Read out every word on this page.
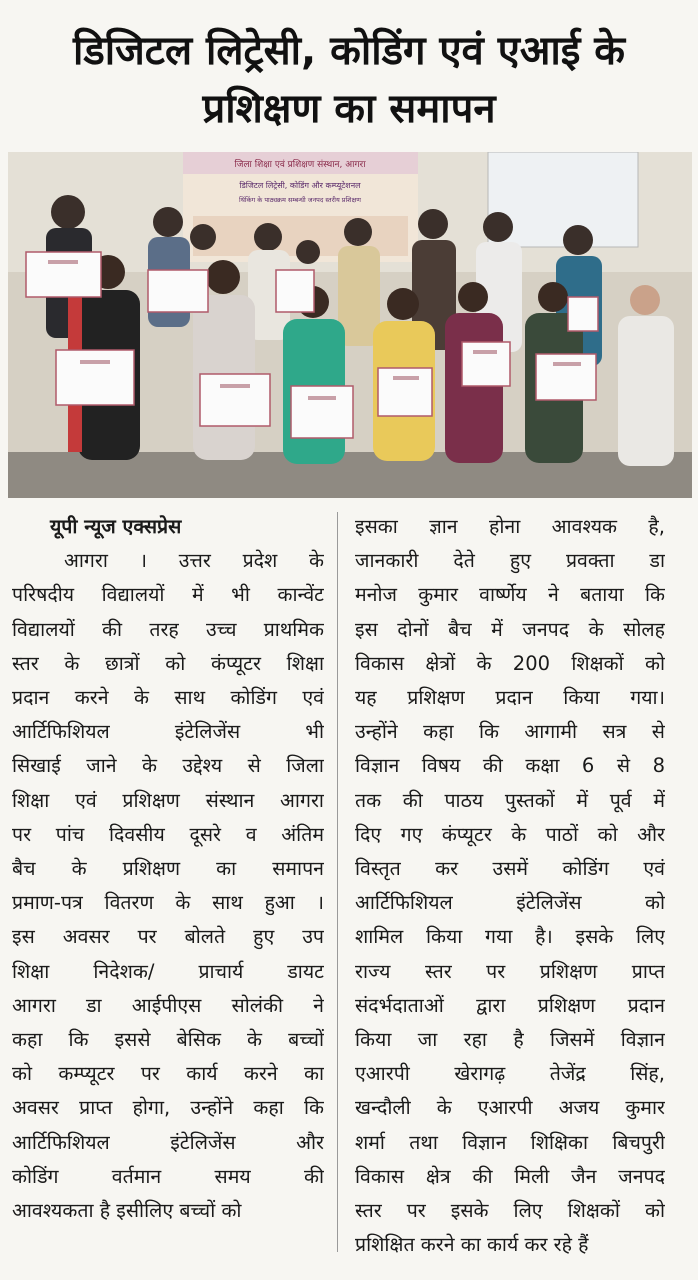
डिजिटल लिट्रेसी, कोडिंग एवं एआई के
प्रशिक्षण का समापन
जिला शिक्षा एवं प्रशिक्षण संस्थान, आगरा
डिजिटल लिट्रेसी, कोडिंग और कम्प्यूटेशनल
थिंकिंग के पाठ्यक्रम सम्बन्धी जनपद स्तरीय प्रशिक्षण
यूपी न्यूज एक्सप्रेस
आगरा । उत्तर प्रदेश के
परिषदीय विद्यालयों में भी कान्वेंट
विद्यालयों की तरह उच्च प्राथमिक
स्तर के छात्रों को कंप्यूटर शिक्षा
प्रदान करने के साथ कोडिंग एवं
आर्टिफिशियल इंटेलिजेंस भी
सिखाई जाने के उद्देश्य से जिला
शिक्षा एवं प्रशिक्षण संस्थान आगरा
पर पांच दिवसीय दूसरे व अंतिम
बैच के प्रशिक्षण का समापन
प्रमाण-पत्र वितरण के साथ हुआ ।
इस अवसर पर बोलते हुए उप
शिक्षा निदेशक/ प्राचार्य डायट
आगरा डा आईपीएस सोलंकी ने
कहा कि इससे बेसिक के बच्चों
को कम्प्यूटर पर कार्य करने का
अवसर प्राप्त होगा, उन्होंने कहा कि
आर्टिफिशियल इंटेलिजेंस और
कोडिंग वर्तमान समय की
आवश्यकता है इसीलिए बच्चों को
इसका ज्ञान होना आवश्यक है,
जानकारी देते हुए प्रवक्ता डा
मनोज कुमार वार्ष्णेय ने बताया कि
इस दोनों बैच में जनपद के सोलह
विकास क्षेत्रों के 200 शिक्षकों को
यह प्रशिक्षण प्रदान किया गया।
उन्होंने कहा कि आगामी सत्र से
विज्ञान विषय की कक्षा 6 से 8
तक की पाठय पुस्तकों में पूर्व में
दिए गए कंप्यूटर के पाठों को और
विस्तृत कर उसमें कोडिंग एवं
आर्टिफिशियल इंटेलिजेंस को
शामिल किया गया है। इसके लिए
राज्य स्तर पर प्रशिक्षण प्राप्त
संदर्भदाताओं द्वारा प्रशिक्षण प्रदान
किया जा रहा है जिसमें विज्ञान
एआरपी खेरागढ़ तेजेंद्र सिंह,
खन्दौली के एआरपी अजय कुमार
शर्मा तथा विज्ञान शिक्षिका बिचपुरी
विकास क्षेत्र की मिली जैन जनपद
स्तर पर इसके लिए शिक्षकों को
प्रशिक्षित करने का कार्य कर रहे हैं
